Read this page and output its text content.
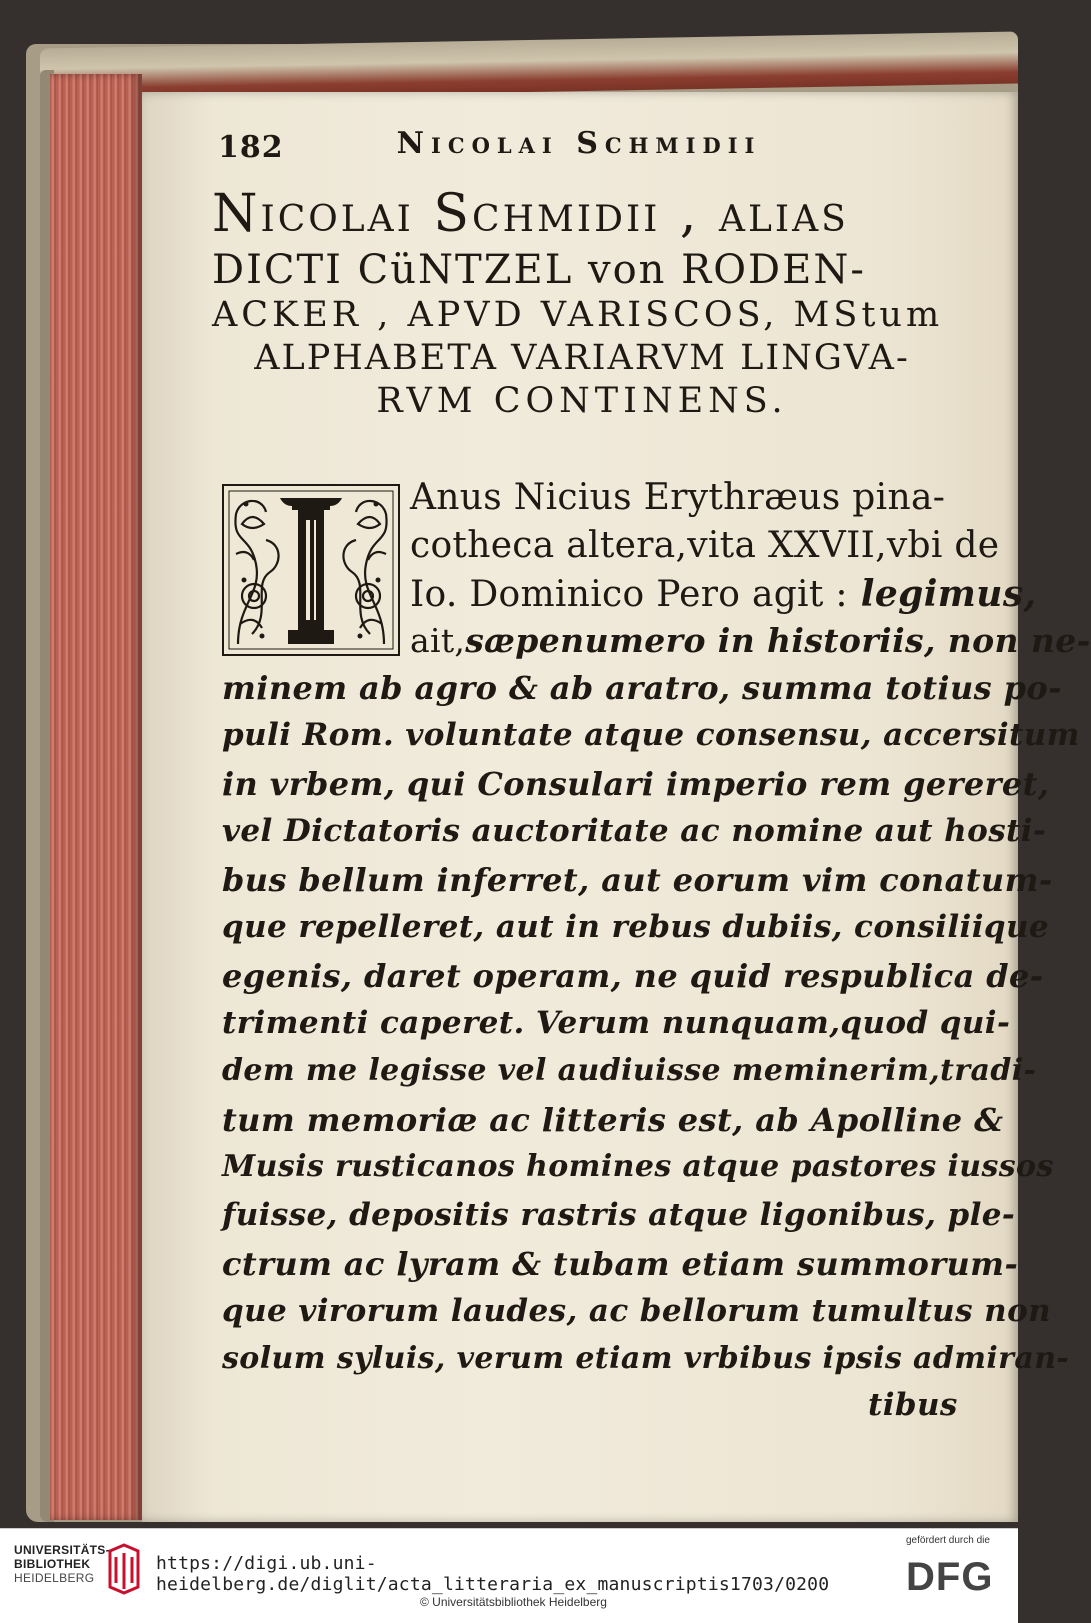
182	Nicolai Schmidii
Nicolai Schmidii , alias
DICTI CüNTZEL von RODEN-
ACKER , APVD VARISCOS, MStum
ALPHABETA VARIARVM LINGVA-
RVM CONTINENS.
Anus Nicius Erythræus pina-
cotheca altera,vita XXVII,vbi de
Io. Dominico Pero agit : legimus,
ait,sæpenumero in historiis, non ne-
minem ab agro & ab aratro, summa totius po-
puli Rom. voluntate atque consensu, accersitum
in vrbem, qui Consulari imperio rem gereret,
vel Dictatoris auctoritate ac nomine aut hosti-
bus bellum inferret, aut eorum vim conatum-
que repelleret, aut in rebus dubiis, consiliique
egenis, daret operam, ne quid respublica de-
trimenti caperet. Verum nunquam,quod qui-
dem me legisse vel audiuisse meminerim,tradi-
tum memoriæ ac litteris est, ab Apolline &
Musis rusticanos homines atque pastores iussos
fuisse, depositis rastris atque ligonibus, ple-
ctrum ac lyram & tubam etiam summorum-
que virorum laudes, ac bellorum tumultus non
solum syluis, verum etiam vrbibus ipsis admiran-
tibus
UNIVERSITÄTS-
BIBLIOTHEK
HEIDELBERG
https://digi.ub.uni-heidelberg.de/diglit/acta_litteraria_ex_manuscriptis1703/0200
© Universitätsbibliothek Heidelberg
gefördert durch die
DFG
